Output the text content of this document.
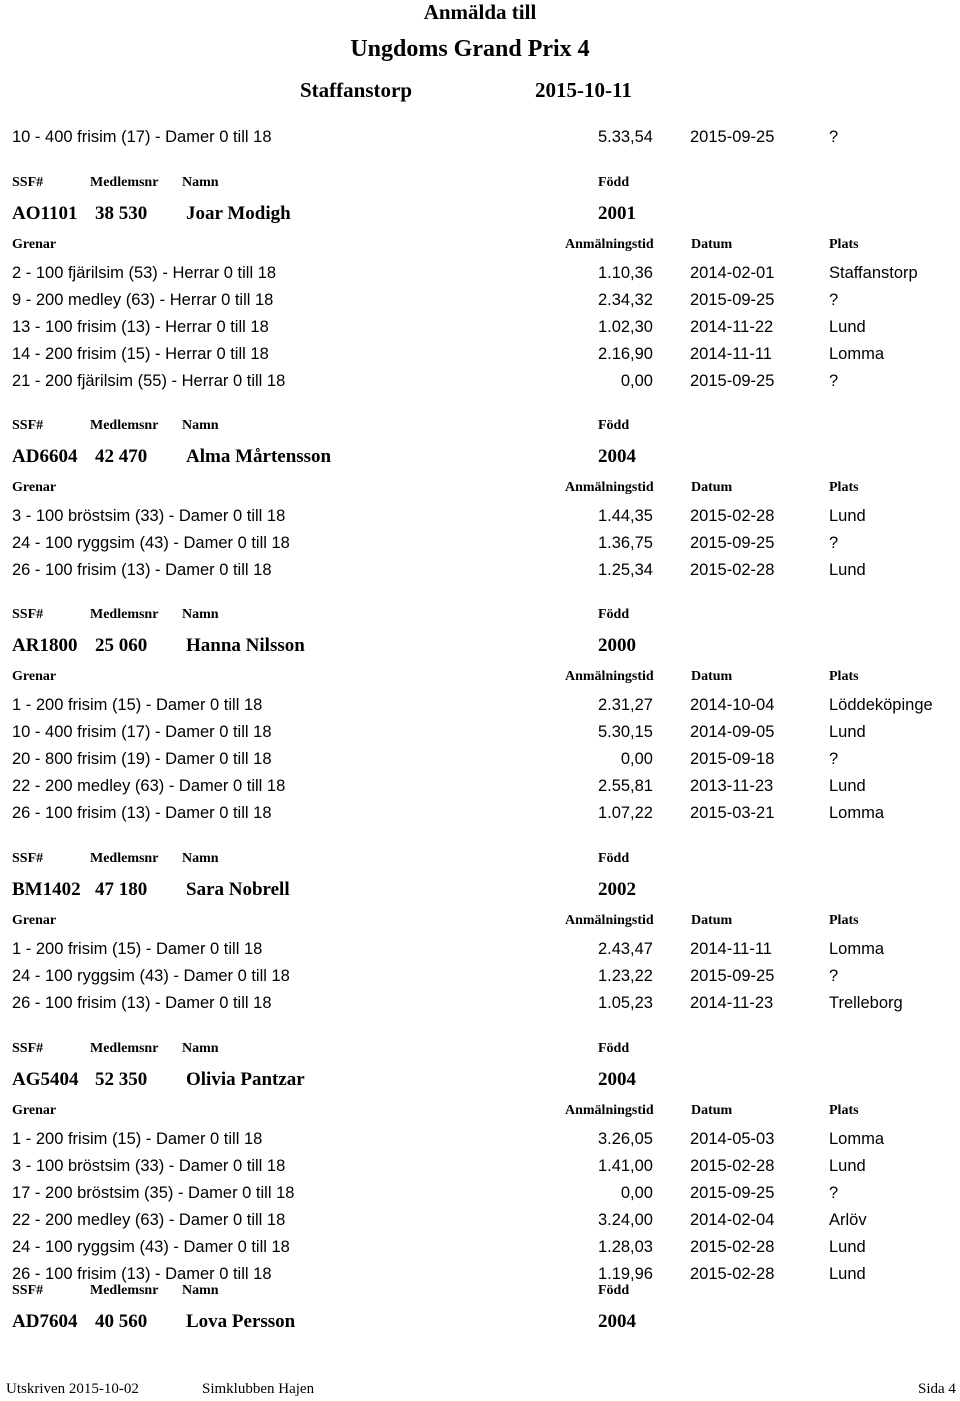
Anmälda till
Ungdoms Grand Prix 4
Staffanstorp	2015-10-11
10 - 400 frisim (17) - Damer 0 till 18	5.33,54 2015-09-25	?
SSF#	Medlemsnr Namn	Född
AO1101 38 530 Joar Modigh	2001
Grenar	Anmälningstid	Datum	Plats
2 - 100 fjärilsim (53) - Herrar 0 till 18	1.10,36 2014-02-01	Staffanstorp
9 - 200 medley (63) - Herrar 0 till 18	2.34,32 2015-09-25	?
13 - 100 frisim (13) - Herrar 0 till 18	1.02,30 2014-11-22	Lund
14 - 200 frisim (15) - Herrar 0 till 18	2.16,90 2014-11-11	Lomma
21 - 200 fjärilsim (55) - Herrar 0 till 18	0,00 2015-09-25	?
SSF#	Medlemsnr Namn	Född
AD6604 42 470 Alma Mårtensson	2004
Grenar	Anmälningstid	Datum	Plats
3 - 100 bröstsim (33) - Damer 0 till 18	1.44,35 2015-02-28	Lund
24 - 100 ryggsim (43) - Damer 0 till 18	1.36,75 2015-09-25	?
26 - 100 frisim (13) - Damer 0 till 18	1.25,34 2015-02-28	Lund
SSF#	Medlemsnr Namn	Född
AR1800 25 060 Hanna Nilsson	2000
Grenar	Anmälningstid	Datum	Plats
1 - 200 frisim (15) - Damer 0 till 18	2.31,27 2014-10-04	Löddeköpinge
10 - 400 frisim (17) - Damer 0 till 18	5.30,15 2014-09-05	Lund
20 - 800 frisim (19) - Damer 0 till 18	0,00 2015-09-18	?
22 - 200 medley (63) - Damer 0 till 18	2.55,81 2013-11-23	Lund
26 - 100 frisim (13) - Damer 0 till 18	1.07,22 2015-03-21	Lomma
SSF#	Medlemsnr Namn	Född
BM1402 47 180 Sara Nobrell	2002
Grenar	Anmälningstid	Datum	Plats
1 - 200 frisim (15) - Damer 0 till 18	2.43,47 2014-11-11	Lomma
24 - 100 ryggsim (43) - Damer 0 till 18	1.23,22 2015-09-25	?
26 - 100 frisim (13) - Damer 0 till 18	1.05,23 2014-11-23	Trelleborg
SSF#	Medlemsnr Namn	Född
AG5404 52 350 Olivia Pantzar	2004
Grenar	Anmälningstid	Datum	Plats
1 - 200 frisim (15) - Damer 0 till 18	3.26,05 2014-05-03	Lomma
3 - 100 bröstsim (33) - Damer 0 till 18	1.41,00 2015-02-28	Lund
17 - 200 bröstsim (35) - Damer 0 till 18	0,00 2015-09-25	?
22 - 200 medley (63) - Damer 0 till 18	3.24,00 2014-02-04	Arlöv
24 - 100 ryggsim (43) - Damer 0 till 18	1.28,03 2015-02-28	Lund
26 - 100 frisim (13) - Damer 0 till 18	1.19,96 2015-02-28	Lund
SSF#	Medlemsnr Namn	Född
AD7604 40 560 Lova Persson	2004
Utskriven 2015-10-02	Simklubben Hajen	Sida 4
